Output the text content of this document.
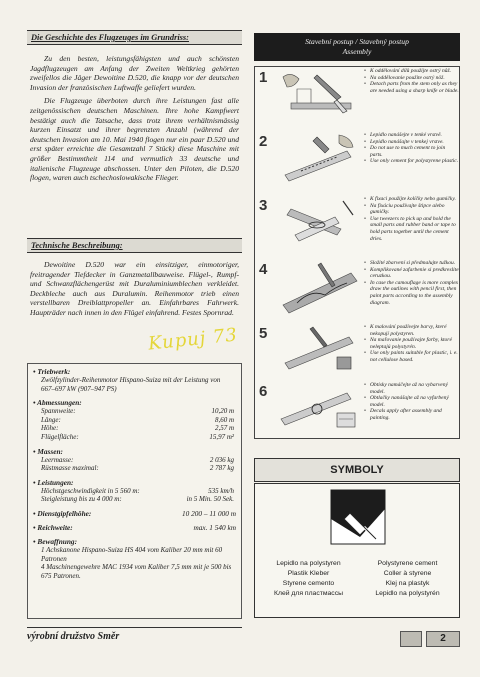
Die Geschichte des Flugzeuges im Grundriss:

Zu den besten, leistungsfähigsten und auch schönsten Jagdflugzeugen am Anfang der Zweiten Weltkrieg gehörten zweifellos die Jäger Dewoitine D.520, die knapp vor der deutschen Invasion der französischen Luftwaffe geliefert wurden.

Die Flugzeuge überboten durch ihre Leistungen fast alle zeitgenössischen deutschen Maschinen. Ihre hohe Kampfwert bestätigt auch die Tatsache, dass trotz ihrem verhältnismässig kurzen Einsatzt und ihrer begrenzten Anzahl (während der deutschen Invasion am 10. Mai 1940 flogen nur ein paar D.520 und erst später erreichte die Gesamtzahl 7 Stück) diese Maschine mit größer Bestimmtheit 114 und vermutlich 33 deutsche und italienische Flugzeuge abschossen. Unter den Piloten, die D.520 flogen, waren auch tschechoslowakische Flieger.

Technische Beschreibung:

Dewoitine D.520 war ein einsitziger, einmotoriger, freitragender Tiefdecker in Ganzmetallbauweise. Flügel-, Rumpf- und Schwanzflächengerüst mit Duraluminiumblechen verkleidet. Deckbleche auch aus Duralumin. Reihenmotor trieb einen verstellbaren Dreiblattpropeller an. Einfahrbares Fahrwerk. Haupträder nach innen in den Flügel einfahrend. Festes Spornrad.

• Triebwerk:
Zwölfzylinder-Reihenmotor Hispano-Suiza mit der Leistung von 667–697 kW (907–947 PS)
• Abmessungen:
Spannweite:	10,20 m
Länge:	8,60 m
Höhe:	2,57 m
Flügelfläche:	15,97 m²
• Massen:
Leermasse:	2 036 kg
Rüstmasse maximal:	2 787 kg
• Leistungen:
Höchstgeschwindigkeit in 5 560 m:	535 km/h
Steigleistung bis zu 4 000 m:	in 5 Min. 50 Sek.
• Dienstgipfelhöhe:	10 200 – 11 000 m
• Reichweite:	max. 1 540 km
• Bewaffnung:
1 Achskanone Hispano-Suiza HS 404 vom Kaliber 20 mm mit 60 Patronen
4 Maschinengewehre MAC 1934 vom Kaliber 7,5 mm mit je 500 bis 675 Patronen.
výrobní družstvo Směr
Kupuj 73
Stavební postup / Stavebný postup
Assembly
1	• K oddělování dílů použijte ostrý nůž.
• Na oddělovanie použite ostrý nôž.
• Detach parts from the stem only as they are needed using a sharp knife or blade.
2	• Lepidlo nanášejte v tenké vrstvě.
• Lepidlo nanášajte v tenkej vrstve.
• Do not use to much cement to join parts.
• Use only cement for polystyrene plastic.
3	• K fixaci použijte kolíčky nebo gumičky.
• Na fixáciu používajte štipce alebo gumičky.
• Use tweezers to pick up and hold the small parts and rubber band or tape to hold parts together until the cement dries.
4	• Složité zbarvení si předmalujte tužkou.
• Komplikované zafarbenie si predkreslite ceruzkou.
• In case the camouflage is more complex draw the outlines with pencil first, then paint parts according to the assembly diagram.
5	• K malování používejte barvy, které nekopují polystyren.
• Na maľovanie používajte farby, ktoré neleptajú polystyrén.
• Use only paints suitable for plastic, i. e. not cellulose based.
6	• Obtisky namáčejte až na vybarvený model.
• Obtlačky nanášajte až na vyfarbený model.
• Decals apply after assembly and painting.
SYMBOLY
Lepidlo na polystyren	Polystyrene cement
Plastik Kleber	Coller à styrene
Styrene cemento	Klej na plastyk
Клей для пластмассы	Lepidlo na polystyrén
2
